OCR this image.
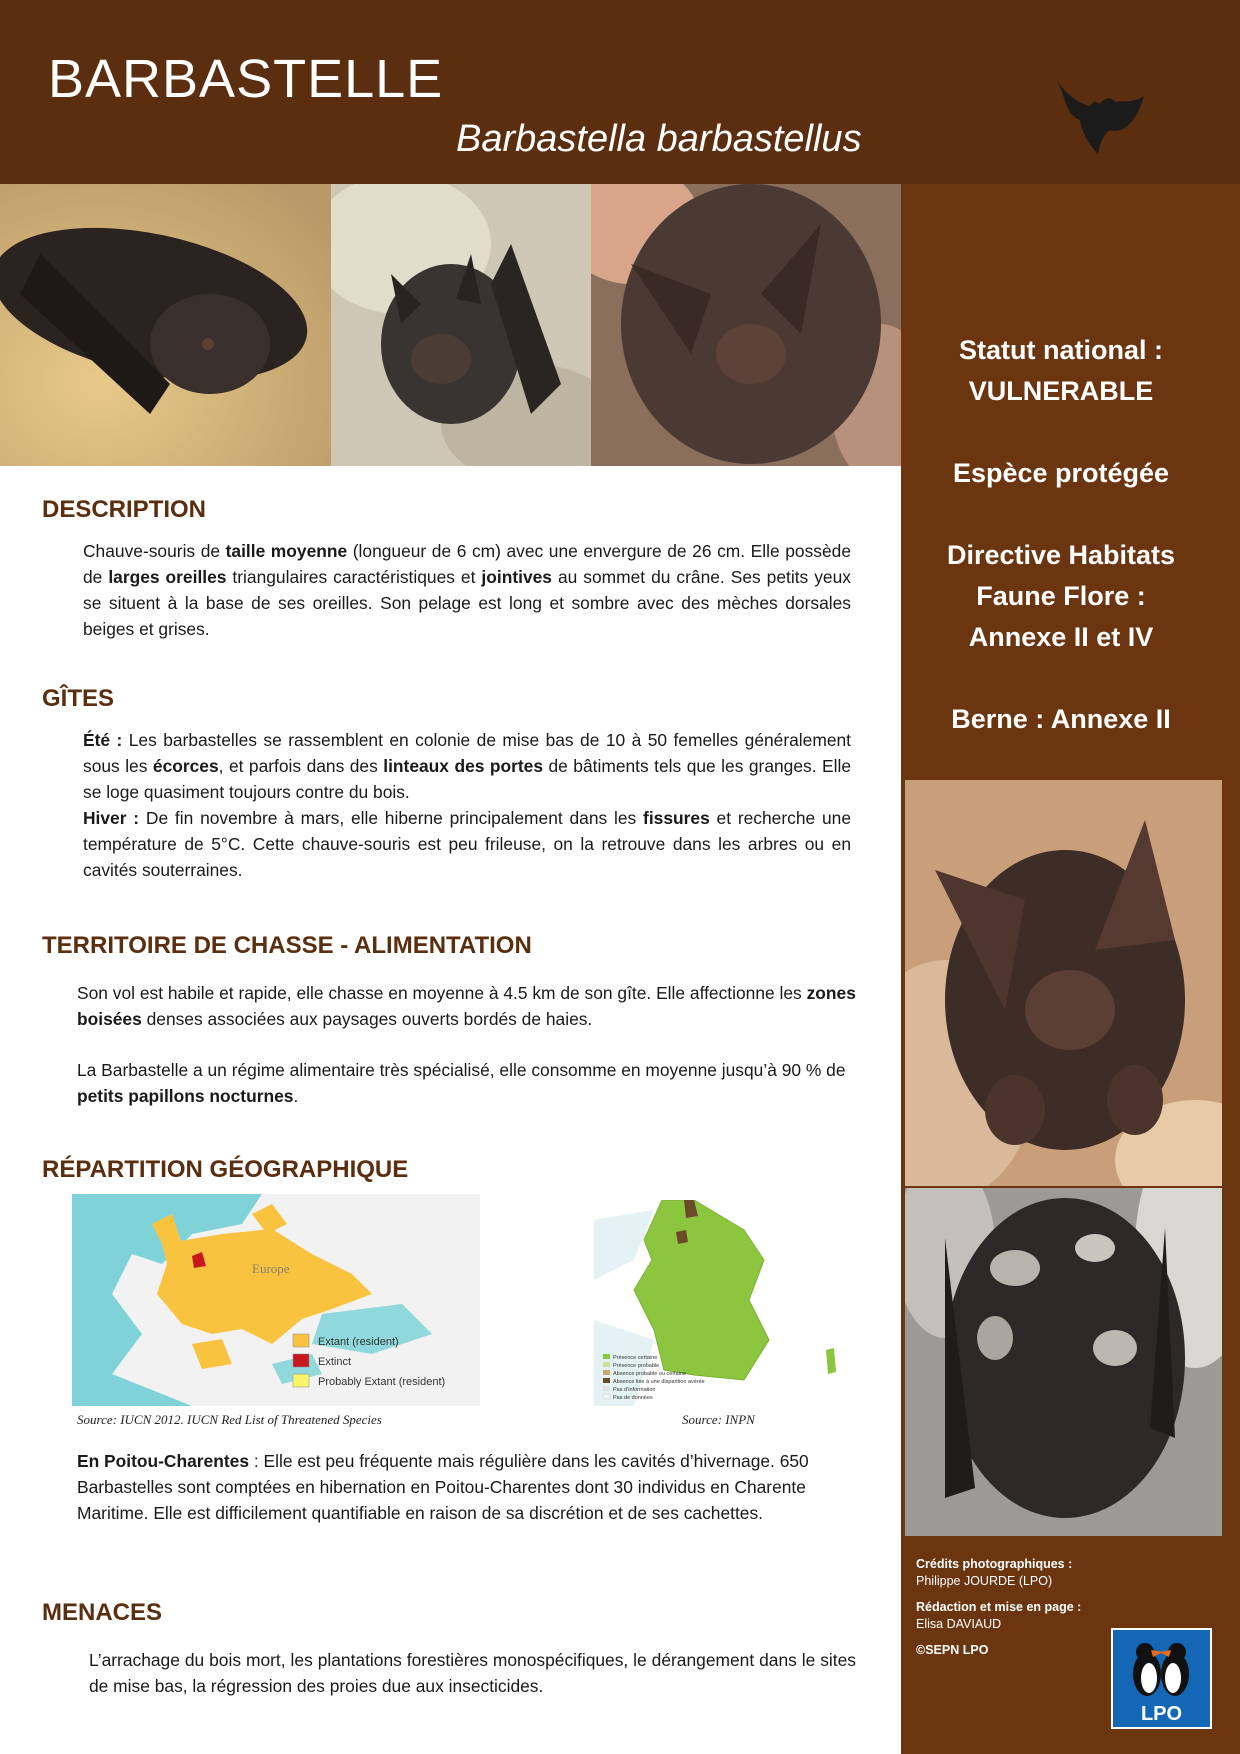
BARBASTELLE
Barbastella barbastellus
Statut national :
VULNERABLE
Espèce protégée
Directive Habitats
Faune Flore :
Annexe II et IV
Berne : Annexe II
DESCRIPTION
Chauve-souris de taille moyenne (longueur de 6 cm) avec une envergure de 26 cm. Elle possède de larges oreilles triangulaires caractéristiques et jointives au sommet du crâne. Ses petits yeux se situent à la base de ses oreilles. Son pelage est long et sombre avec des mèches dorsales beiges et grises.
GÎTES
Été : Les barbastelles se rassemblent en colonie de mise bas de 10 à 50 femelles généralement sous les écorces, et parfois dans des linteaux des portes de bâtiments tels que les granges. Elle se loge quasiment toujours contre du bois.
Hiver : De fin novembre à mars, elle hiberne principalement dans les fissures et recherche une température de 5°C. Cette chauve-souris est peu frileuse, on la retrouve dans les arbres ou en cavités souterraines.
TERRITOIRE DE CHASSE - ALIMENTATION
Son vol est habile et rapide, elle chasse en moyenne à 4.5 km de son gîte. Elle affectionne les zones boisées denses associées aux paysages ouverts bordés de haies.
La Barbastelle a un régime alimentaire très spécialisé, elle consomme en moyenne jusqu’à 90 % de petits papillons nocturnes.
RÉPARTITION GÉOGRAPHIQUE
Europe
Extant (resident)
Extinct
Probably Extant (resident)
Source: IUCN 2012. IUCN Red List of Threatened Species
Présence certaine
Présence probable
Absence probable ou certaine
Absence liée à une disparition avérée
Pas d’information
Pas de données
Source: INPN
En Poitou-Charentes : Elle est peu fréquente mais régulière dans les cavités d’hivernage. 650 Barbastelles sont comptées en hibernation en Poitou-Charentes dont 30 individus en Charente Maritime. Elle est difficilement quantifiable en raison de sa discrétion et de ses cachettes.
MENACES
L’arrachage du bois mort, les plantations forestières monospécifiques, le dérangement dans le sites de mise bas, la régression des proies due aux insecticides.
Crédits photographiques :
Philippe JOURDE (LPO)
Rédaction et mise en page :
Elisa DAVIAUD
©SEPN LPO
LPO
